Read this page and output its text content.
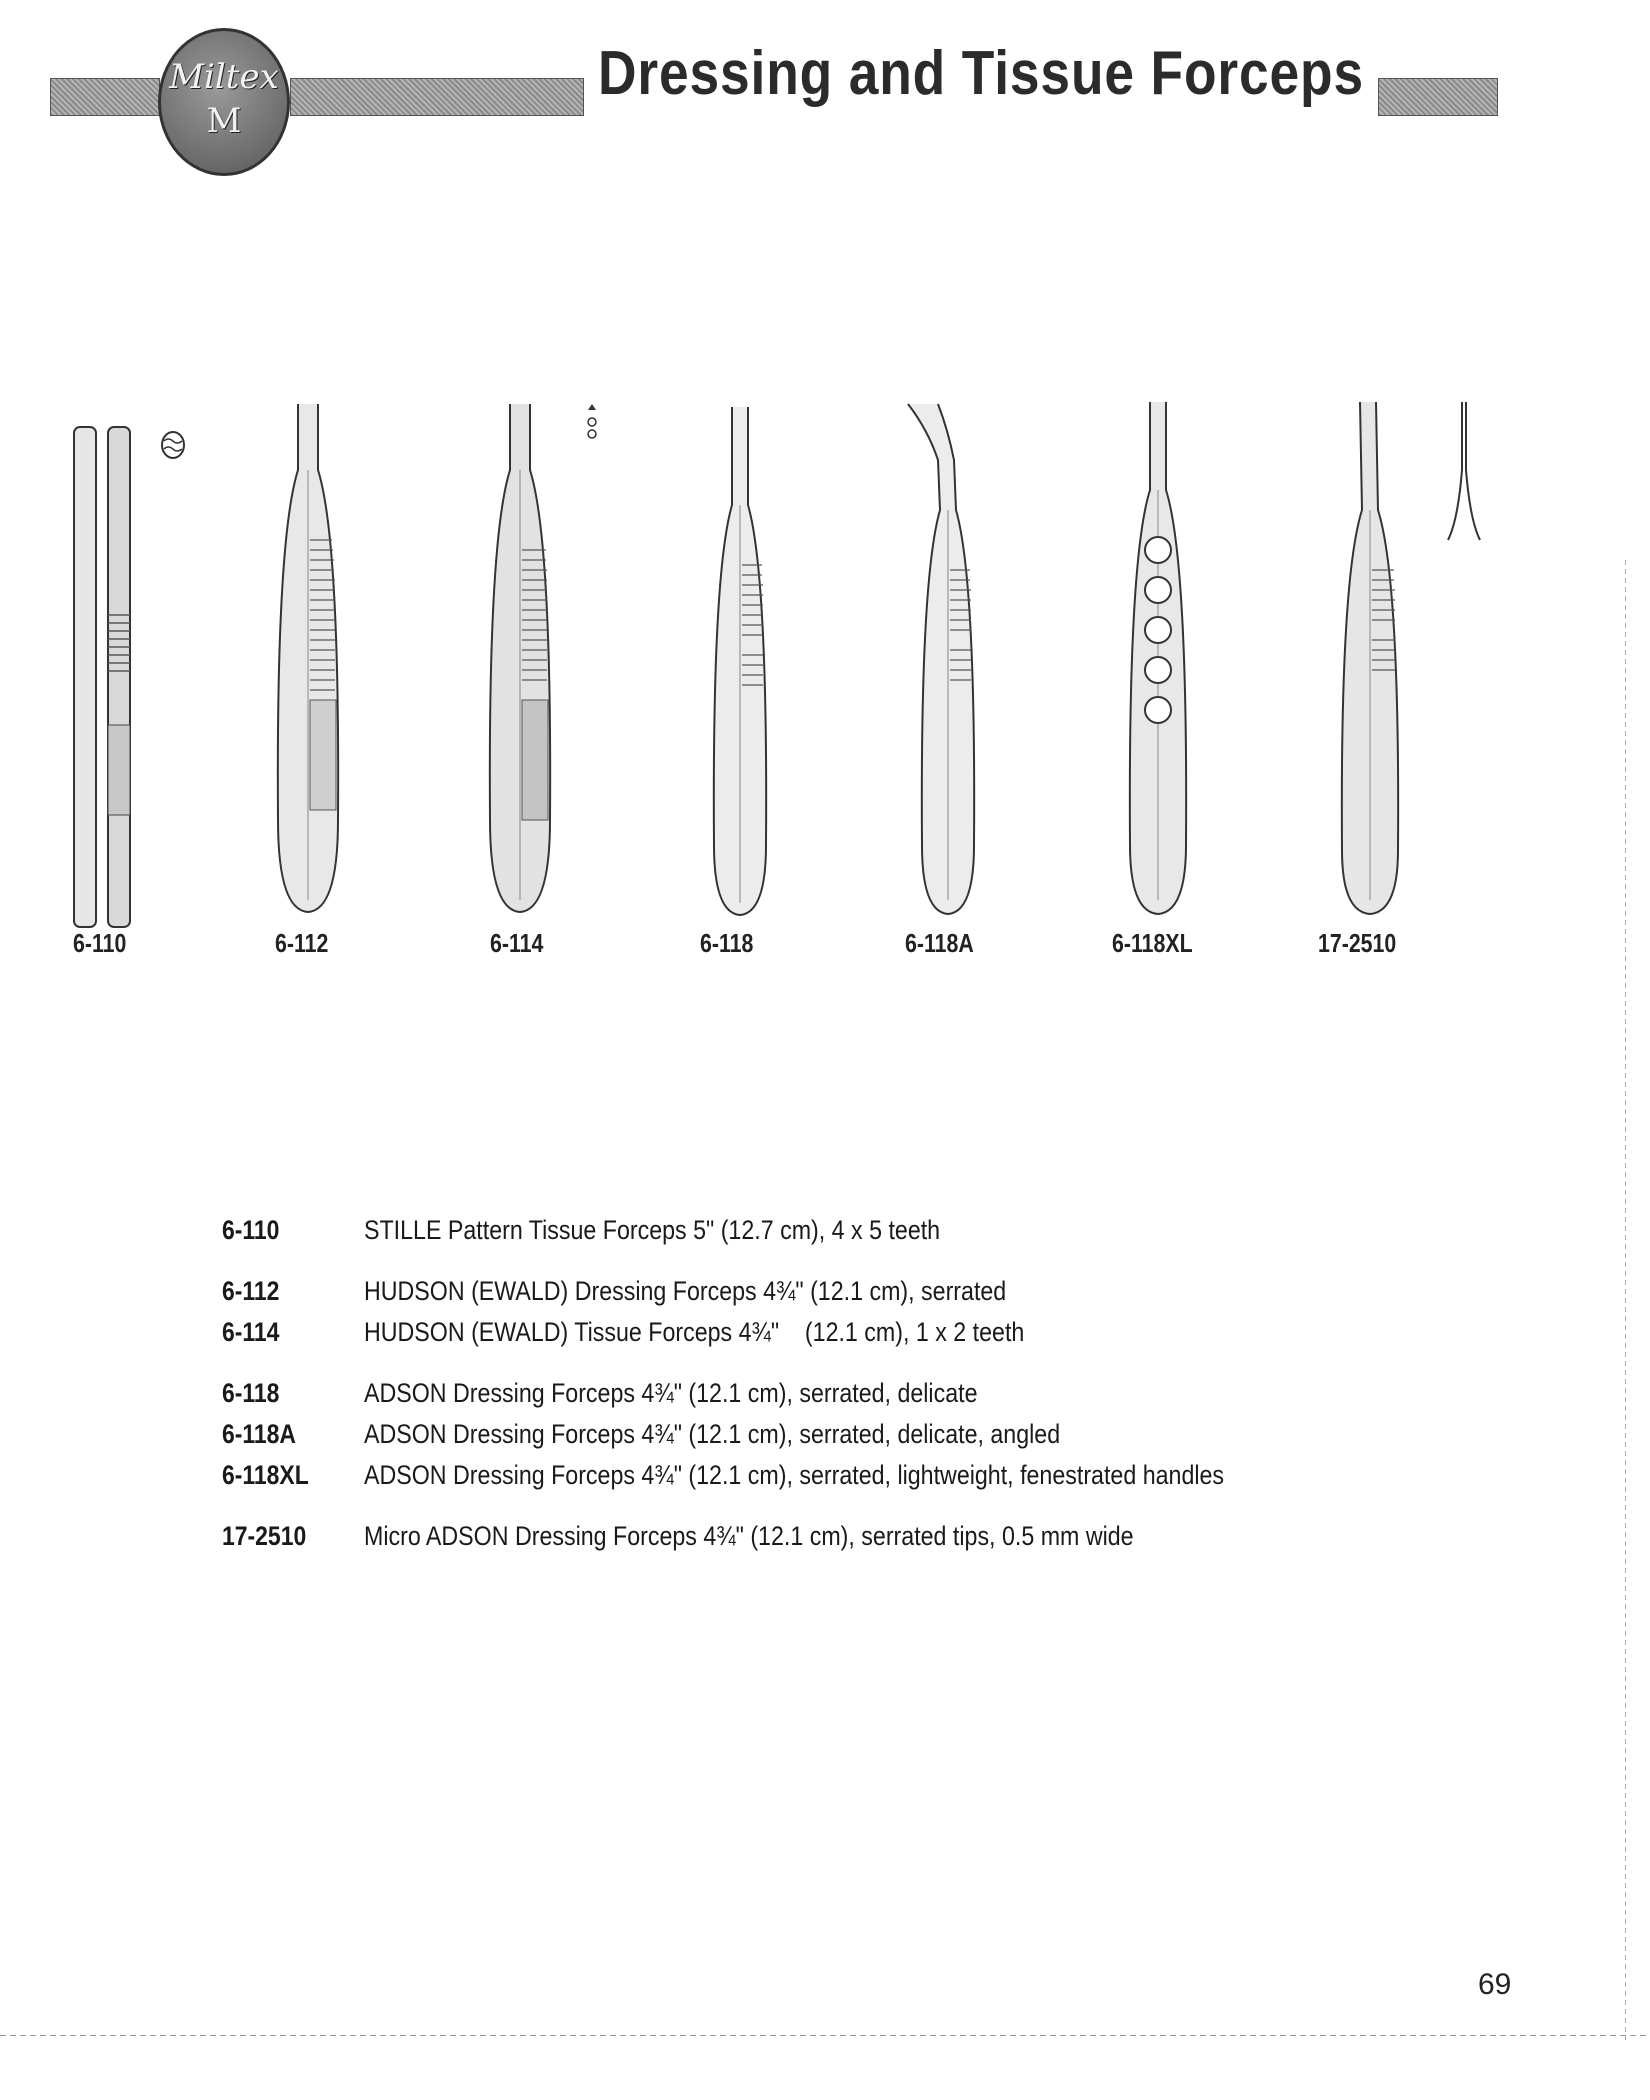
Miltex
M
Dressing and Tissue Forceps
6-110	6-112	6-114	6-118	6-118A	6-118XL	17-2510
6-110	STILLE Pattern Tissue Forceps 5" (12.7 cm), 4 x 5 teeth
6-112	HUDSON (EWALD) Dressing Forceps 4¾" (12.1 cm), serrated
6-114	HUDSON (EWALD) Tissue Forceps 4¾"    (12.1 cm), 1 x 2 teeth
6-118	ADSON Dressing Forceps 4¾" (12.1 cm), serrated, delicate
6-118A	ADSON Dressing Forceps 4¾" (12.1 cm), serrated, delicate, angled
6-118XL	ADSON Dressing Forceps 4¾" (12.1 cm), serrated, lightweight, fenestrated handles
17-2510	Micro ADSON Dressing Forceps 4¾" (12.1 cm), serrated tips, 0.5 mm wide
69
